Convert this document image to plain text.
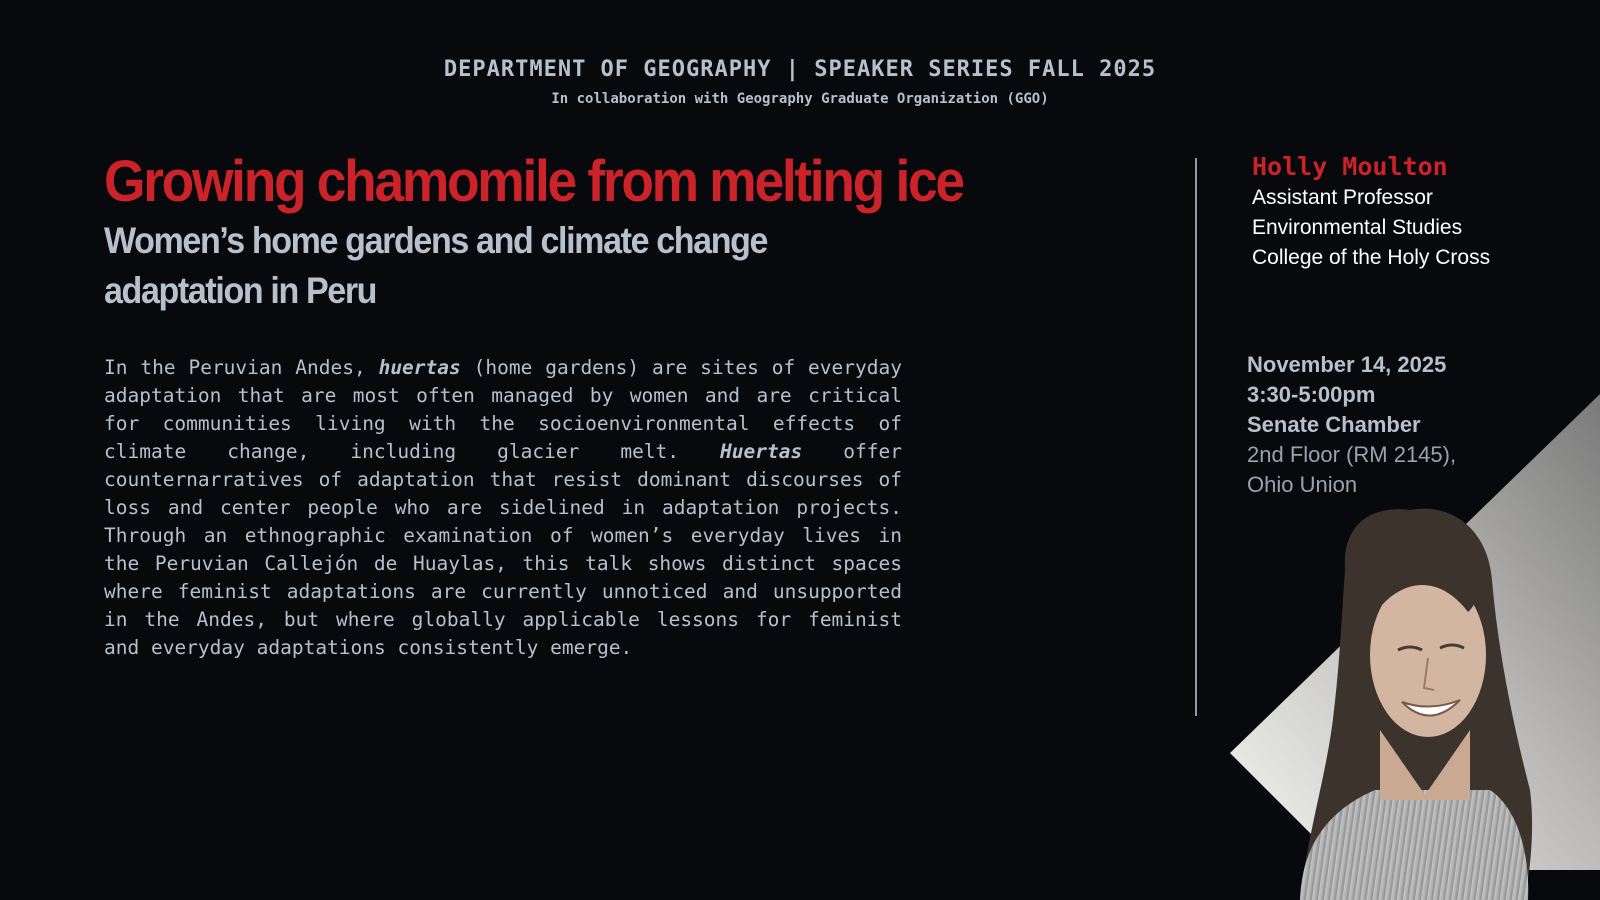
DEPARTMENT OF GEOGRAPHY | SPEAKER SERIES FALL 2025
In collaboration with Geography Graduate Organization (GGO)
Growing chamomile from melting ice
Women’s home gardens and climate change adaptation in Peru

In the Peruvian Andes, huertas (home gardens) are sites of everyday adaptation that are most often managed by women and are critical for communities living with the socioenvironmental effects of climate change, including glacier melt. Huertas offer counternarratives of adaptation that resist dominant discourses of loss and center people who are sidelined in adaptation projects. Through an ethnographic examination of women’s everyday lives in the Peruvian Callejón de Huaylas, this talk shows distinct spaces where feminist adaptations are currently unnoticed and unsupported in the Andes, but where globally applicable lessons for feminist and everyday adaptations consistently emerge.

Holly Moulton
Assistant Professor
Environmental Studies
College of the Holy Cross
November 14, 2025
3:30-5:00pm
Senate Chamber
2nd Floor (RM 2145),
Ohio Union
